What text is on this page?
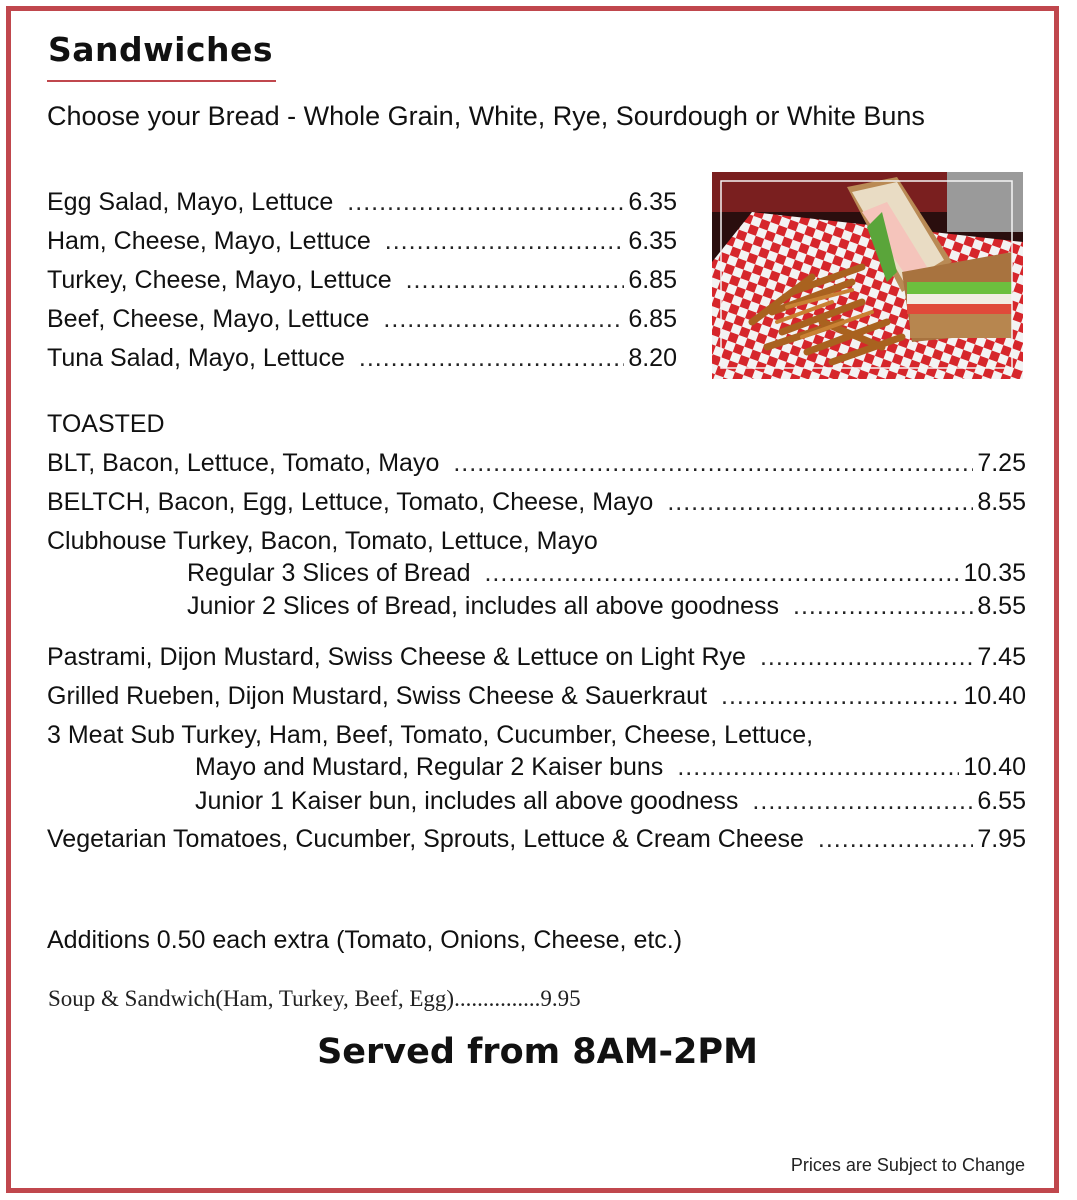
Sandwiches
Choose your Bread - Whole Grain, White, Rye, Sourdough or White Buns
Egg Salad, Mayo, Lettuce .....	6.35
Ham, Cheese, Mayo, Lettuce .....	6.35
Turkey, Cheese, Mayo, Lettuce .....	6.85
Beef, Cheese, Mayo, Lettuce .....	6.85
Tuna Salad, Mayo, Lettuce .....	8.20
TOASTED
BLT, Bacon, Lettuce, Tomato, Mayo .....	7.25
BELTCH, Bacon, Egg, Lettuce, Tomato, Cheese, Mayo .....	8.55
Clubhouse Turkey, Bacon, Tomato, Lettuce, Mayo
Regular 3 Slices of Bread .....	10.35
Junior 2 Slices of Bread, includes all above goodness .....	8.55
Pastrami, Dijon Mustard, Swiss Cheese & Lettuce on Light Rye .....	7.45
Grilled Rueben, Dijon Mustard, Swiss Cheese & Sauerkraut .....	10.40
3 Meat Sub Turkey, Ham, Beef, Tomato, Cucumber, Cheese, Lettuce,
Mayo and Mustard, Regular 2 Kaiser buns .....	10.40
Junior 1 Kaiser bun, includes all above goodness .....	6.55
Vegetarian Tomatoes, Cucumber, Sprouts, Lettuce & Cream Cheese .....	7.95
Additions 0.50 each extra (Tomato, Onions, Cheese, etc.)
Soup & Sandwich(Ham, Turkey, Beef, Egg)...............9.95
Served from 8AM-2PM
Prices are Subject to Change
